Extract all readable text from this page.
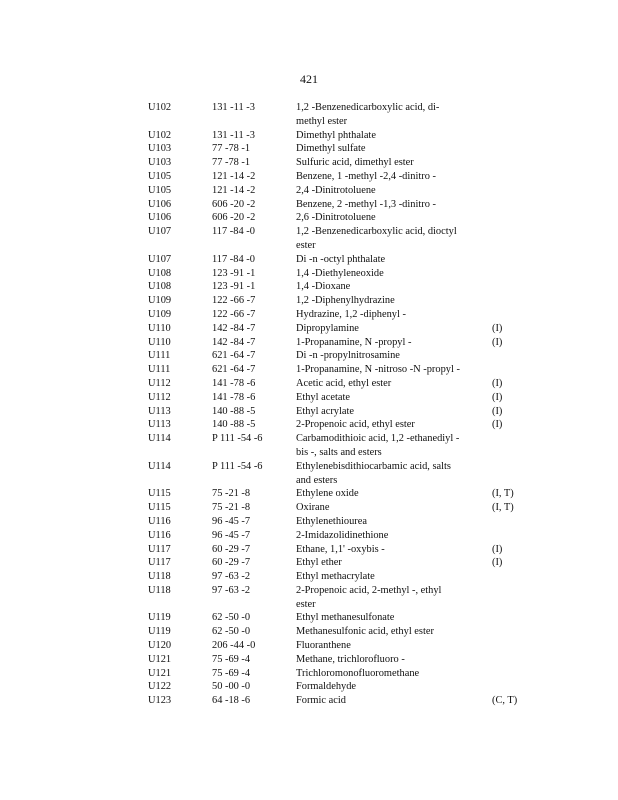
421
U102	131 -11 -3	1,2 -Benzenedicarboxylic acid, di-
methyl ester
U102	131 -11 -3	Dimethyl phthalate
U103	77 -78 -1	Dimethyl sulfate
U103	77 -78 -1	Sulfuric acid, dimethyl ester
U105	121 -14 -2	Benzene, 1 -methyl -2,4 -dinitro -
U105	121 -14 -2	2,4 -Dinitrotoluene
U106	606 -20 -2	Benzene, 2 -methyl -1,3 -dinitro -
U106	606 -20 -2	2,6 -Dinitrotoluene
U107	117 -84 -0	1,2 -Benzenedicarboxylic acid, dioctyl
ester
U107	117 -84 -0	Di -n -octyl phthalate
U108	123 -91 -1	1,4 -Diethyleneoxide
U108	123 -91 -1	1,4 -Dioxane
U109	122 -66 -7	1,2 -Diphenylhydrazine
U109	122 -66 -7	Hydrazine, 1,2 -diphenyl -
U110	142 -84 -7	Dipropylamine	(I)
U110	142 -84 -7	1-Propanamine, N -propyl -	(I)
U111	621 -64 -7	Di -n -propylnitrosamine
U111	621 -64 -7	1-Propanamine, N -nitroso -N -propyl -
U112	141 -78 -6	Acetic acid, ethyl ester	(I)
U112	141 -78 -6	Ethyl acetate	(I)
U113	140 -88 -5	Ethyl acrylate	(I)
U113	140 -88 -5	2-Propenoic acid, ethyl ester	(I)
U114	P 111 -54 -6	Carbamodithioic acid, 1,2 -ethanediyl -
bis -, salts and esters
U114	P 111 -54 -6	Ethylenebisdithiocarbamic acid, salts
and esters
U115	75 -21 -8	Ethylene oxide	(I, T)
U115	75 -21 -8	Oxirane	(I, T)
U116	96 -45 -7	Ethylenethiourea
U116	96 -45 -7	2-Imidazolidinethione
U117	60 -29 -7	Ethane, 1,1' -oxybis -	(I)
U117	60 -29 -7	Ethyl ether	(I)
U118	97 -63 -2	Ethyl methacrylate
U118	97 -63 -2	2-Propenoic acid, 2-methyl -, ethyl
ester
U119	62 -50 -0	Ethyl methanesulfonate
U119	62 -50 -0	Methanesulfonic acid, ethyl ester
U120	206 -44 -0	Fluoranthene
U121	75 -69 -4	Methane, trichlorofluoro -
U121	75 -69 -4	Trichloromonofluoromethane
U122	50 -00 -0	Formaldehyde
U123	64 -18 -6	Formic acid	(C, T)
